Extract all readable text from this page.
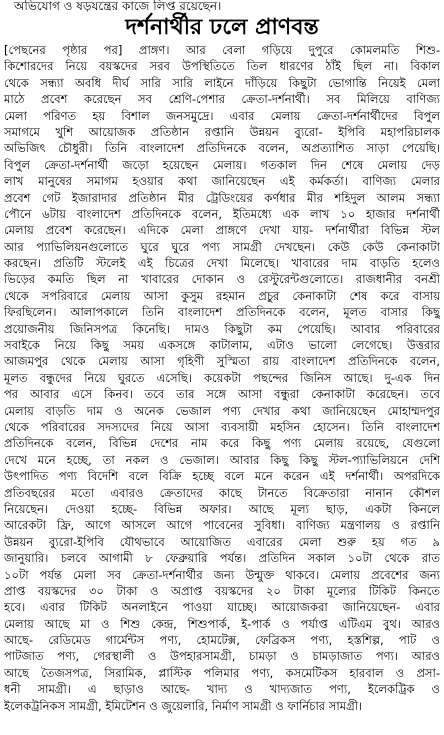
অভিযোগ ও ষড়যন্ত্রের কাজে লিপ্ত রয়েছেন।
দর্শনার্থীর ঢলে প্রাণবন্ত
[পেছনের পৃষ্ঠার পর] প্রাঙ্গণ। আর বেলা গড়িয়ে দুপুরে কোমলমতি শিশু-
কিশোরদের নিয়ে বয়স্কদের সরব উপস্থিতিতে তিল ধারণের ঠাঁই ছিল না। বিকাল
থেকে সন্ধ্যা অবধি দীর্ঘ সারি সারি লাইনে দাঁড়িয়ে কিছুটা ভোগান্তি নিয়েই মেলা
মাঠে প্রবেশ করেছেন সব শ্রেণি-পেশার ক্রেতা-দর্শনার্থী। সব মিলিয়ে বাণিজ্য
মেলা পরিণত হয় বিশাল জনসমুদ্রে। এবার মেলায় ক্রেতা-দর্শনার্থীদের বিপুল
সমাগমে খুশি আয়োজক প্রতিষ্ঠান রপ্তানি উন্নয়ন ব্যুরো- ইপিবি মহাপরিচালক
অভিজিৎ চৌধুরী। তিনি বাংলাদেশ প্রতিদিনকে বলেন, অপ্রত্যাশিত সাড়া পেয়েছি।
বিপুল ক্রেতা-দর্শনার্থী জড়ো হয়েছেন মেলায়। গতকাল দিন শেষে মেলায় দেড়
লাখ মানুষের সমাগম হওয়ার কথা জানিয়েছেন এই কর্মকর্তা। বাণিজ্য মেলার
প্রবেশ গেট ইজারাদার প্রতিষ্ঠান মীর ট্রেডিংয়ের কর্ণধার মীর শহিদুল আলম সন্ধ্যা
পৌনে ৬টায় বাংলাদেশ প্রতিদিনকে বলেন, ইতিমধ্যে এক লাখ ১০ হাজার দর্শনার্থী
মেলায় প্রবেশ করেছেন। এদিকে মেলা প্রাঙ্গণে দেখা যায়- দর্শনার্থীরা বিভিন্ন স্টল
আর প্যাভিলিয়নগুলোতে ঘুরে ঘুরে পণ্য সামগ্রী দেখছেন। কেউ কেউ কেনাকাটা
করছেন। প্রতিটি স্টলেই এই চিত্রের দেখা মিলেছে। খাবারের দাম বাড়তি হলেও
ভিড়ের কমতি ছিল না খাবারের দোকান ও রেস্টুরেন্টগুলোতে। রাজধানীর বনশ্রী
থেকে সপরিবারে মেলায় আসা কুসুম রহমান প্রচুর কেনাকাটা শেষ করে বাসায়
ফিরছিলেন। আলাপকালে তিনি বাংলাদেশ প্রতিদিনকে বলেন, মূলত বাসার কিছু
প্রয়োজনীয় জিনিসপত্র কিনেছি। দামও কিছুটা কম পেয়েছি। আবার পরিবারের
সবাইকে নিয়ে কিছু সময় একসঙ্গে কাটালাম, এটাও ভালো লেগেছে। উত্তরার
আজমপুর থেকে মেলায় আসা গৃহিণী সুস্মিতা রায় বাংলাদেশ প্রতিদিনকে বলেন,
মূলত বন্ধুদের নিয়ে ঘুরতে এসেছি। কয়েকটা পছন্দের জিনিস আছে। দু-এক দিন
পর আবার এসে কিনব। তবে তার সঙ্গে আসা বন্ধুরা কেনাকাটা করেছেন। তবে
মেলায় বাড়তি দাম ও অনেক ভেজাল পণ্য দেখার কথা জানিয়েছেন মোহাম্মদপুর
থেকে পরিবারের সদস্যদের নিয়ে আসা ব্যবসায়ী মহসিন হোসেন। তিনি বাংলাদেশ
প্রতিদিনকে বলেন, বিভিন্ন দেশের নাম করে কিছু পণ্য মেলায় রয়েছে, যেগুলো
দেখে মনে হচ্ছে, তা নকল ও ভেজাল। আবার কিছু কিছু স্টল-প্যাভিলিয়নে দেশি
উৎপাদিত পণ্য বিদেশি বলে বিক্রি হচ্ছে বলে মনে করেন এই দর্শনার্থী। অপরদিকে
প্রতিবছরের মতো এবারও ক্রেতাদের কাছে টানতে বিক্রেতারা নানান কৌশল
নিয়েছেন। দেওয়া হচ্ছে- বিভিন্ন অফার। আছে মূল্য ছাড়, একটা কিনলে
আরেকটা ফ্রি, আগে আসলে আগে পাবেনের সুবিধা। বাণিজ্য মন্ত্রণালয় ও রপ্তানি
উন্নয়ন ব্যুরো-ইপিবি যৌথভাবে আয়োজিত এবারের মেলা শুরু হয় গত ৯
জানুয়ারি। চলবে আগামী ৮ ফেব্রুয়ারি পর্যন্ত। প্রতিদিন সকাল ১০টা থেকে রাত
১০টা পর্যন্ত মেলা সব ক্রেতা-দর্শনার্থীর জন্য উন্মুক্ত থাকবে। মেলায় প্রবেশের জন্য
প্রাপ্ত বয়স্কদের ৩০ টাকা ও অপ্রাপ্ত বয়স্কদের ২০ টাকা মূল্যের টিকিট কিনতে
হবে। এবার টিকিট অনলাইনে পাওয়া যাচ্ছে। আয়োজকরা জানিয়েছেন- এবার
মেলায় আছে মা ও শিশু কেন্দ্র, শিশুপার্ক, ই-পার্ক ও পর্যাপ্ত এটিএম বুথ। আরও
আছে- রেডিমেড গার্মেন্টস পণ্য, হোমটেক্স, ফেব্রিকস পণ্য, হস্তশিল্প, পাট ও
পাটজাত পণ্য, গেরস্থালী ও উপহারসামগ্রী, চামড়া ও চামড়াজাত পণ্য। আরও
আছে তৈজসপত্র, সিরামিক, প্লাস্টিক পলিমার পণ্য, কসমেটিকস হারবাল ও প্রসা-
ধনী সামগ্রী। এ ছাড়াও আছে- খাদ্য ও খাদ্যজাত পণ্য, ইলেকট্রিক ও
ইলেকট্রনিকস সামগ্রী, ইমিটেশন ও জুয়েলারি, নির্মাণ সামগ্রী ও ফার্নিচার সামগ্রী।
